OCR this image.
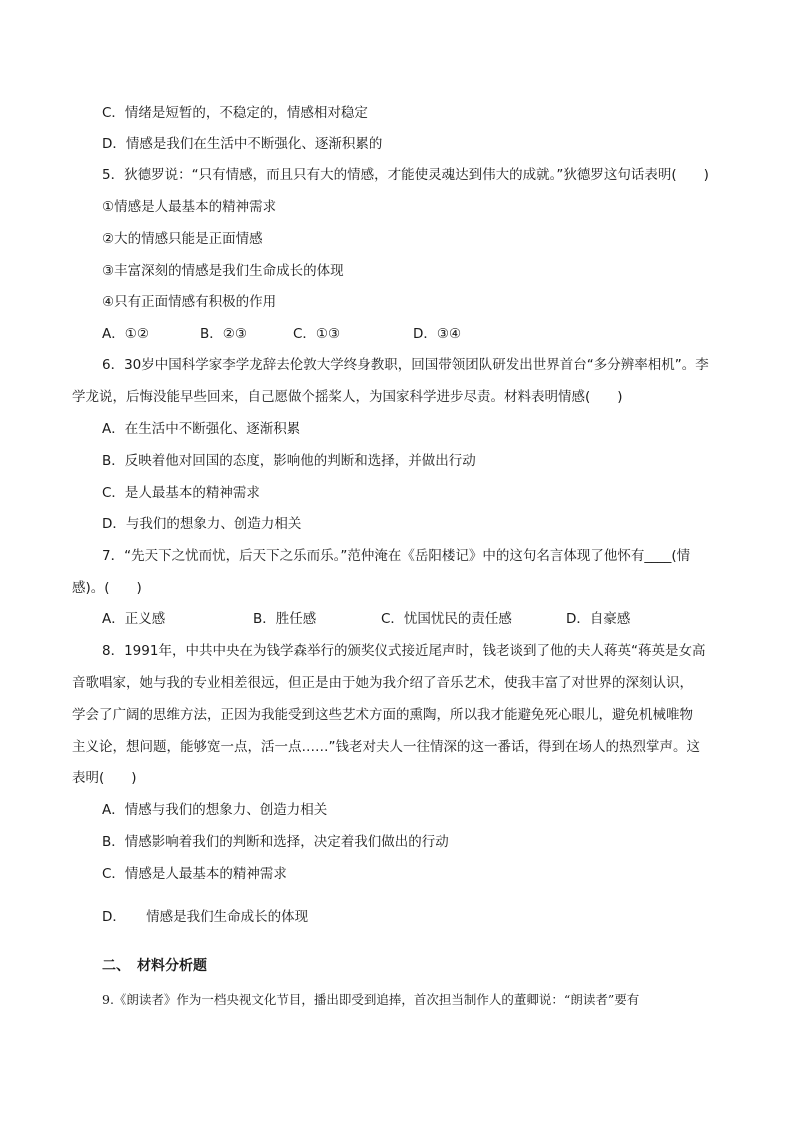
C．情绪是短暂的，不稳定的，情感相对稳定
D．情感是我们在生活中不断强化、逐渐积累的
5．狄德罗说：“只有情感，而且只有大的情感，才能使灵魂达到伟大的成就。”狄德罗这句话表明(　　)
①情感是人最基本的精神需求
②大的情感只能是正面情感
③丰富深刻的情感是我们生命成长的体现
④只有正面情感有积极的作用
A．①②	B．②③	C．①③	D．③④
6．30岁中国科学家李学龙辞去伦敦大学终身教职，回国带领团队研发出世界首台“多分辨率相机”。李
学龙说，后悔没能早些回来，自己愿做个摇桨人，为国家科学进步尽责。材料表明情感(　　)
A．在生活中不断强化、逐渐积累
B．反映着他对回国的态度，影响他的判断和选择，并做出行动
C．是人最基本的精神需求
D．与我们的想象力、创造力相关
7．“先天下之忧而忧，后天下之乐而乐。”范仲淹在《岳阳楼记》中的这句名言体现了他怀有____(情
感)。(　　)
A．正义感	B．胜任感	C．忧国忧民的责任感	D．自豪感
8．1991年，中共中央在为钱学森举行的颁奖仪式接近尾声时，钱老谈到了他的夫人蒋英“蒋英是女高
音歌唱家，她与我的专业相差很远，但正是由于她为我介绍了音乐艺术，使我丰富了对世界的深刻认识，
学会了广阔的思维方法，正因为我能受到这些艺术方面的熏陶，所以我才能避免死心眼儿，避免机械唯物
主义论，想问题，能够宽一点，活一点……”钱老对夫人一往情深的这一番话，得到在场人的热烈掌声。这
表明(　　)
A．情感与我们的想象力、创造力相关
B．情感影响着我们的判断和选择，决定着我们做出的行动
C．情感是人最基本的精神需求
D．　　情感是我们生命成长的体现
二、　材料分析题
9.《朗读者》作为一档央视文化节目，播出即受到追捧，首次担当制作人的董卿说：“朗读者”要有
